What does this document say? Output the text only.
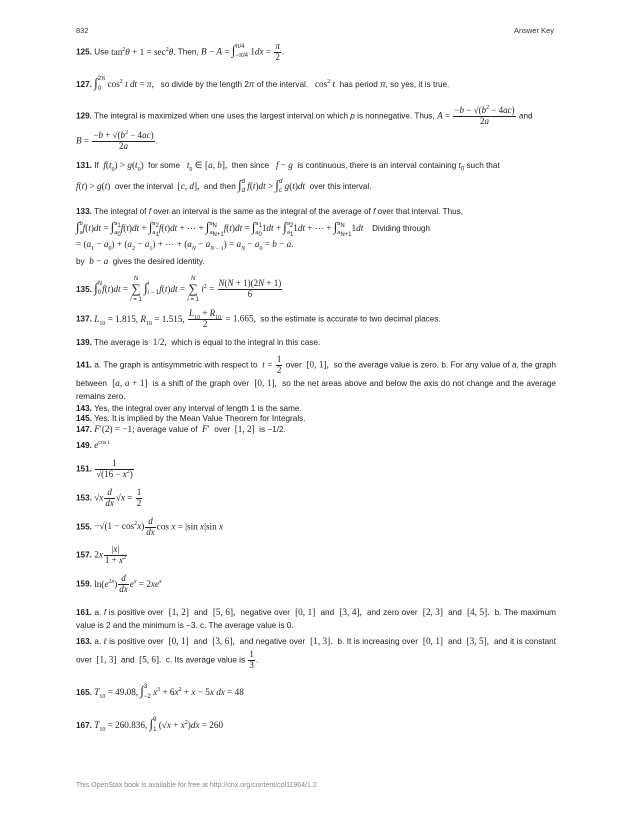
832	Answer Key

125. Use $\tan^2\theta + 1 = \sec^2\theta$. Then, B − A = ∫ π/4
−π/4 $1dx = \frac{\pi}{2}$ .

127. ∫ 2π
0 $\cos^2 t$ dt = π,   so divide by the length 2π of the interval.   $\cos^2 t$  has period π, so yes, it is true.

129. The integral is maximized when one uses the largest interval on which p is nonnegative. Thus, $A = \frac{-b - √(b^2 - 4ac)}{2a}$ and

$B = \frac{-b + √(b^2 - 4ac)}{2a}$ .

131. If  $f(t_0) > g(t_0)$  for some   $t_0$ ∈ [a, b],  then since   f − g  is continuous, there is an interval containing $t_0$ such that

f(t) > g(t)  over the interval  [c, d],  and then ∫ d
d f(t)dt > ∫ d
c g(t)dt  over this interval.

133. The integral of f over an interval is the same as the integral of the average of f over that interval. Thus,

∫ b
a f(t)dt = ∫ $a_1$
$a_0$
f(t)dt + ∫ $a_2$
$a_1$
f(t)dt + ⋯ + ∫ $a_N$
$a_{N+1}$
f(t)dt = ∫ $a_1$
$a_0$
1dt + ∫ $a_2$
$a_1$
1dt + ⋯ + ∫ $a_N$
$a_{N+1}$
1dt    Dividing through

= $(a_1 - a_0) + (a_2 - a_1)$ + ⋯ + $(a_N - a_{N - 1}) = a_N - a_0 = b - a$.

by  b − a  gives the desired identity.

135. ∫ N
0 f(t)dt =
N
∑
i = 1
∫ i
i − 1 f(t)dt =
N
∑
i = 1
$i^2 = \frac{N(N + 1)(2N + 1)}{6}$

137. $L_{10} = 1.815$, $R_{10} = 1.515$, $\frac{L_{10} + R_{10}}{2} = 1.665$,  so the estimate is accurate to two decimal places.

139. The average is  1/2,  which is equal to the integral in this case.

141. a. The graph is antisymmetric with respect to  $t = \frac{1}{2}$ over  [0, 1],  so the average value is zero. b. For any value of a, the graph between  [a, a + 1]  is a shift of the graph over  [0, 1],  so the net areas above and below the axis do not change and the average remains zero.

143. Yes, the integral over any interval of length 1 is the same.

145. Yes. It is implied by the Mean Value Theorem for Integrals.

147. F′(2) = −1; average value of  F′  over  [1, 2]  is −1/2.

149. $e^{cos t}$

151. $\frac{1}{√(16 - x^2)}$

153. $√x \frac{d}{dx} √x = \frac{1}{2}$

155. $-√(1 - \cos^2x) \frac{d}{dx}$ cos x = |sin x|sin x

157. $2x \frac{|x|}{1 + x^2}$

159. $\ln(e^{2x}) \frac{d}{dx} e^x = 2xe^x$

161. a. f is positive over  [1, 2]  and  [5, 6],  negative over  [0, 1]  and  [3, 4],  and zero over  [2, 3]  and  [4, 5].  b. The maximum value is 2 and the minimum is −3. c. The average value is 0.

163. a. ℓ is positive over  [0, 1]  and  [3, 6],  and negative over  [1, 3].  b. It is increasing over  [0, 1]  and  [3, 5],  and it is constant over  [1, 3]  and  [5, 6].  c. Its average value is $\frac{1}{3}$ .

165. $T_{10} = 49.08$, ∫ 3
−2 $x^3 + 6x^2 + x - 5x$ dx = 48

167. $T_{10} = 260.836$, ∫ 9
1 $(√x + x^2)dx = 260$

This OpenStax book is available for free at http://cnx.org/content/col11964/1.2
